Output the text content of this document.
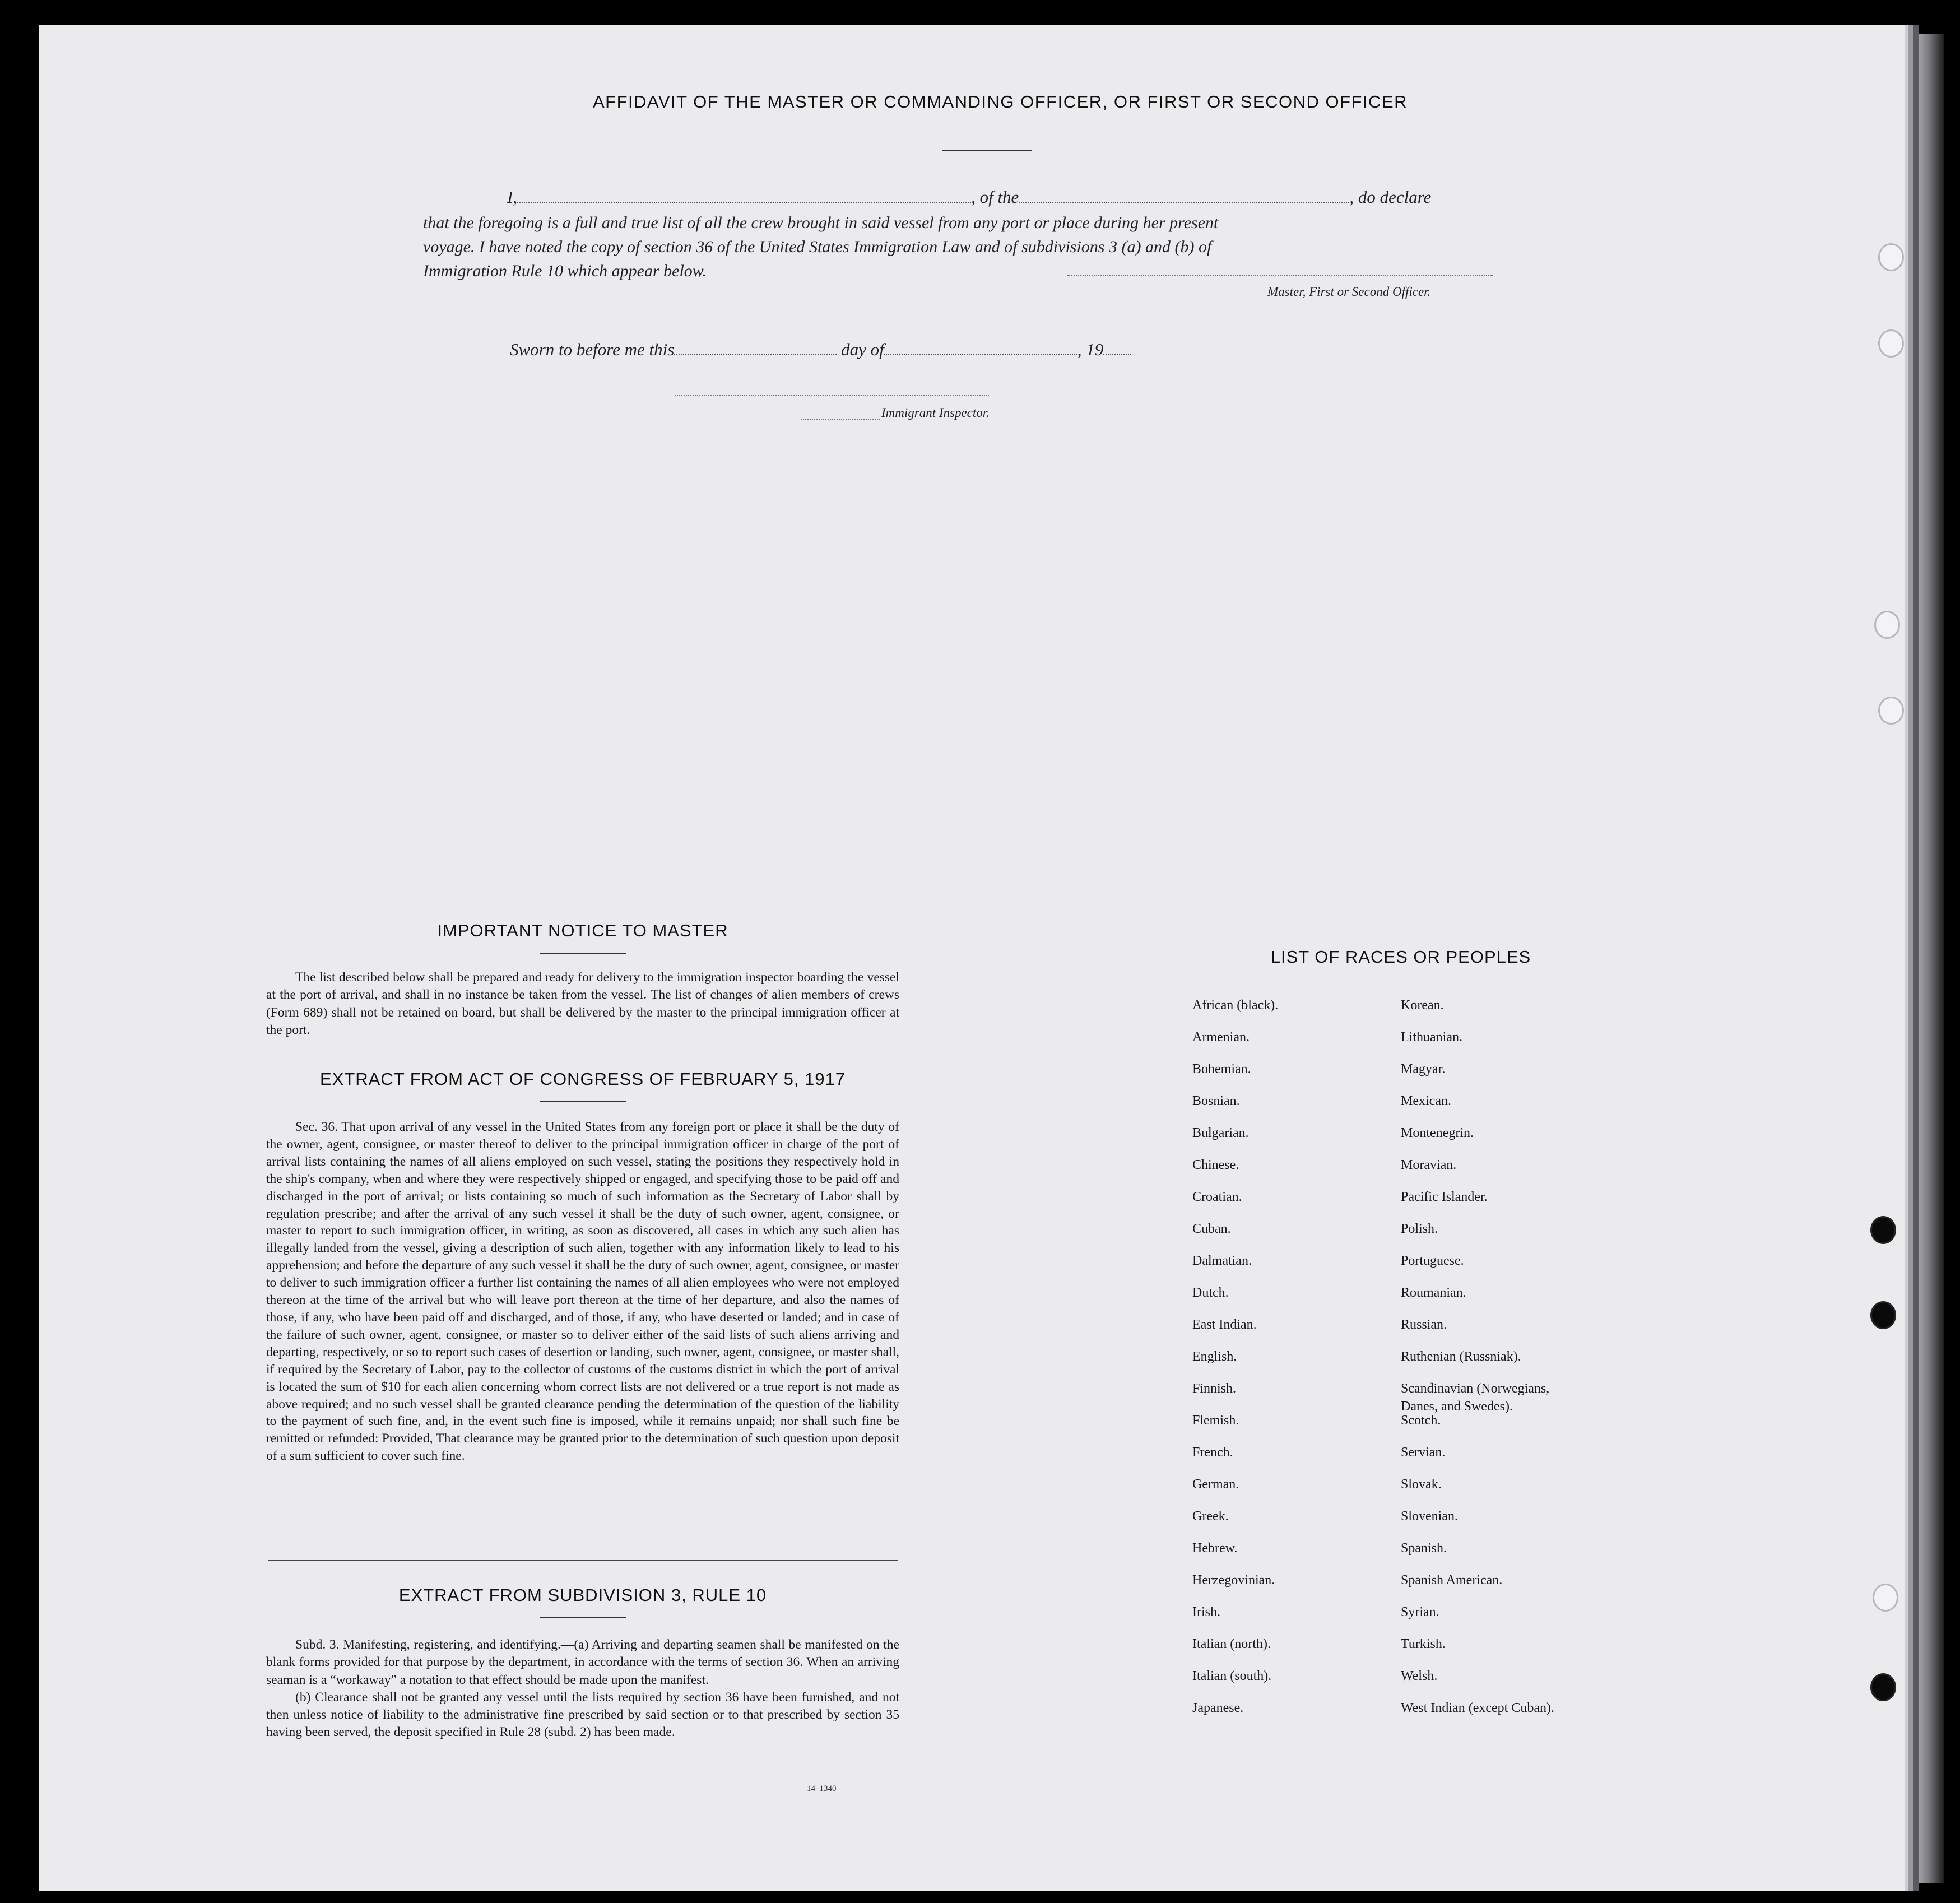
AFFIDAVIT OF THE MASTER OR COMMANDING OFFICER, OR FIRST OR SECOND OFFICER
I,	, of the	, do declare
that the foregoing is a full and true list of all the crew brought in said vessel from any port or place during her present
voyage. I have noted the copy of section 36 of the United States Immigration Law and of subdivisions 3 (a) and (b) of
Immigration Rule 10 which appear below.
Master, First or Second Officer.
Sworn to before me this	day of	, 19
Immigrant Inspector.
IMPORTANT NOTICE TO MASTER

The list described below shall be prepared and ready for delivery to the immigration inspector boarding the vessel at the port of arrival, and shall in no instance be taken from the vessel. The list of changes of alien members of crews (Form 689) shall not be retained on board, but shall be delivered by the master to the principal immigration officer at the port.

EXTRACT FROM ACT OF CONGRESS OF FEBRUARY 5, 1917

Sec. 36. That upon arrival of any vessel in the United States from any foreign port or place it shall be the duty of the owner, agent, consignee, or master thereof to deliver to the principal immigration officer in charge of the port of arrival lists containing the names of all aliens employed on such vessel, stating the positions they respectively hold in the ship's company, when and where they were respectively shipped or engaged, and specifying those to be paid off and discharged in the port of arrival; or lists containing so much of such information as the Secretary of Labor shall by regulation prescribe; and after the arrival of any such vessel it shall be the duty of such owner, agent, consignee, or master to report to such immigration officer, in writing, as soon as discovered, all cases in which any such alien has illegally landed from the vessel, giving a description of such alien, together with any information likely to lead to his apprehension; and before the departure of any such vessel it shall be the duty of such owner, agent, consignee, or master to deliver to such immigration officer a further list containing the names of all alien employees who were not employed thereon at the time of the arrival but who will leave port thereon at the time of her departure, and also the names of those, if any, who have been paid off and discharged, and of those, if any, who have deserted or landed; and in case of the failure of such owner, agent, consignee, or master so to deliver either of the said lists of such aliens arriving and departing, respectively, or so to report such cases of desertion or landing, such owner, agent, consignee, or master shall, if required by the Secretary of Labor, pay to the collector of customs of the customs district in which the port of arrival is located the sum of $10 for each alien concerning whom correct lists are not delivered or a true report is not made as above required; and no such vessel shall be granted clearance pending the determination of the question of the liability to the payment of such fine, and, in the event such fine is imposed, while it remains unpaid; nor shall such fine be remitted or refunded: Provided, That clearance may be granted prior to the determination of such question upon deposit of a sum sufficient to cover such fine.

EXTRACT FROM SUBDIVISION 3, RULE 10

Subd. 3. Manifesting, registering, and identifying.—(a) Arriving and departing seamen shall be manifested on the blank forms provided for that purpose by the department, in accordance with the terms of section 36. When an arriving seaman is a “workaway” a notation to that effect should be made upon the manifest.

(b) Clearance shall not be granted any vessel until the lists required by section 36 have been furnished, and not then unless notice of liability to the administrative fine prescribed by said section or to that prescribed by section 35 having been served, the deposit specified in Rule 28 (subd. 2) has been made.

14–1340
LIST OF RACES OR PEOPLES
African (black).
Armenian.
Bohemian.
Bosnian.
Bulgarian.
Chinese.
Croatian.
Cuban.
Dalmatian.
Dutch.
East Indian.
English.
Finnish.
Flemish.
French.
German.
Greek.
Hebrew.
Herzegovinian.
Irish.
Italian (north).
Italian (south).
Japanese.
Korean.
Lithuanian.
Magyar.
Mexican.
Montenegrin.
Moravian.
Pacific Islander.
Polish.
Portuguese.
Roumanian.
Russian.
Ruthenian (Russniak).
Scandinavian (Norwegians,
Scotch.
Servian.
Slovak.
Slovenian.
Spanish.
Spanish American.
Syrian.
Turkish.
Welsh.
West Indian (except Cuban).
Danes, and Swedes).
